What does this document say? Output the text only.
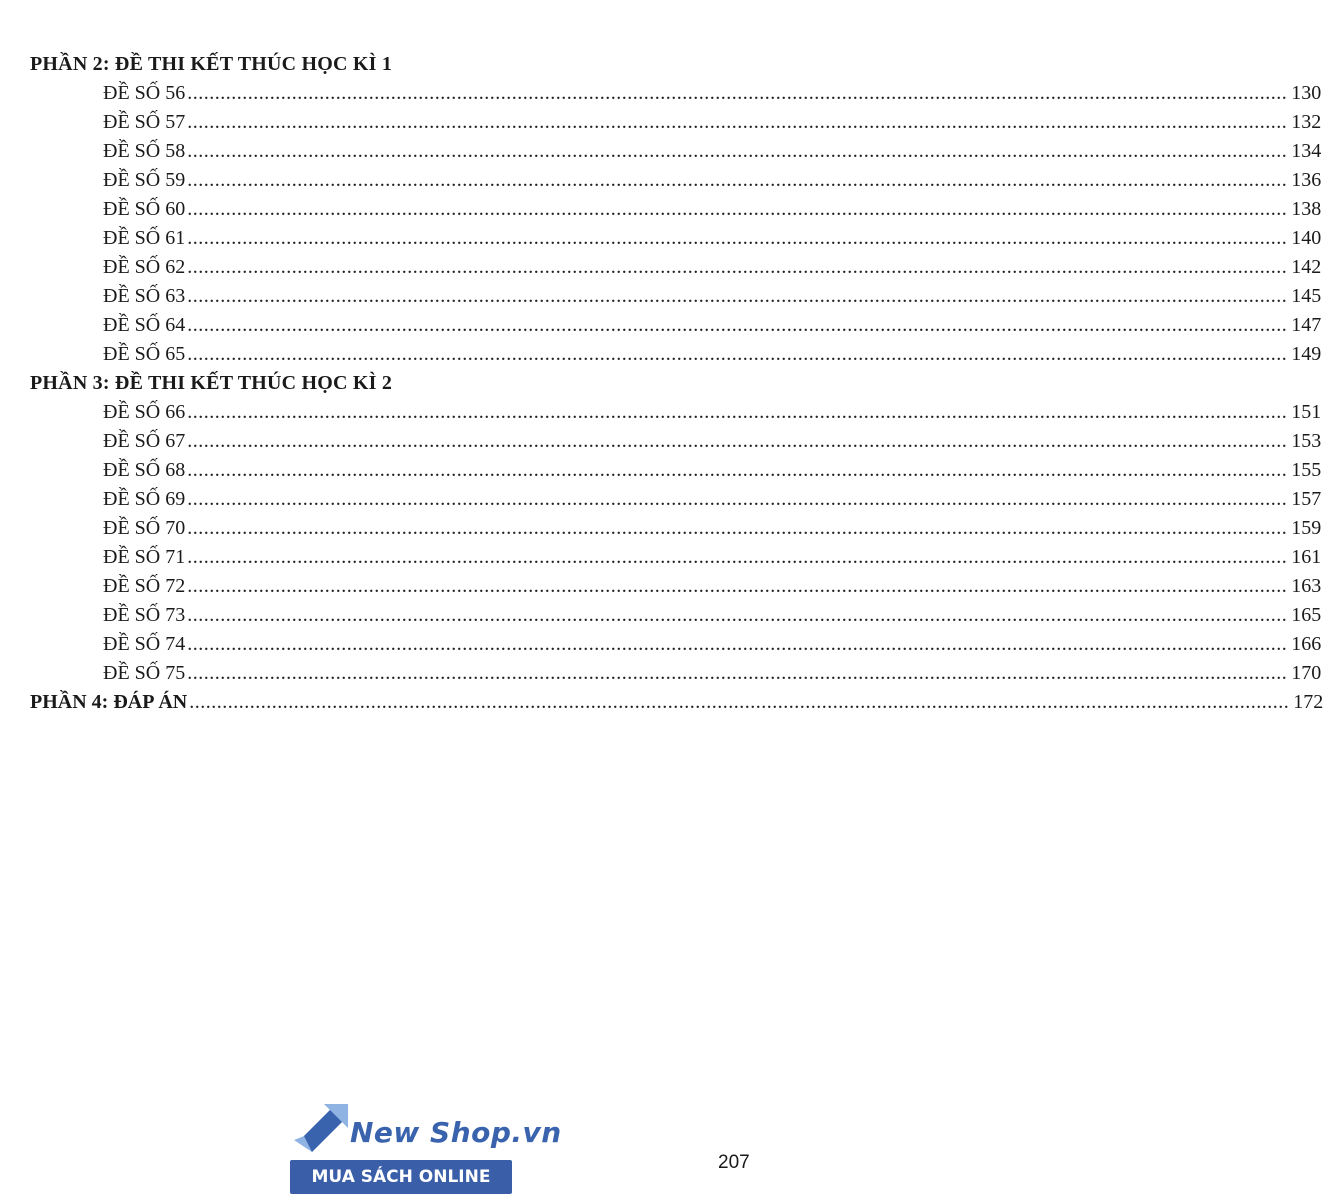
PHẦN 2: ĐỀ THI KẾT THÚC HỌC KÌ 1
ĐỀ SỐ 56 ........................................................................................................................................................................................................ 130
ĐỀ SỐ 57 ........................................................................................................................................................................................................ 132
ĐỀ SỐ 58 ........................................................................................................................................................................................................ 134
ĐỀ SỐ 59 ........................................................................................................................................................................................................ 136
ĐỀ SỐ 60 ........................................................................................................................................................................................................ 138
ĐỀ SỐ 61 ........................................................................................................................................................................................................ 140
ĐỀ SỐ 62 ........................................................................................................................................................................................................ 142
ĐỀ SỐ 63 ........................................................................................................................................................................................................ 145
ĐỀ SỐ 64 ........................................................................................................................................................................................................ 147
ĐỀ SỐ 65 ........................................................................................................................................................................................................ 149
PHẦN 3: ĐỀ THI KẾT THÚC HỌC KÌ 2
ĐỀ SỐ 66 ........................................................................................................................................................................................................ 151
ĐỀ SỐ 67 ........................................................................................................................................................................................................ 153
ĐỀ SỐ 68 ........................................................................................................................................................................................................ 155
ĐỀ SỐ 69 ........................................................................................................................................................................................................ 157
ĐỀ SỐ 70 ........................................................................................................................................................................................................ 159
ĐỀ SỐ 71 ........................................................................................................................................................................................................ 161
ĐỀ SỐ 72 ........................................................................................................................................................................................................ 163
ĐỀ SỐ 73 ........................................................................................................................................................................................................ 165
ĐỀ SỐ 74 ........................................................................................................................................................................................................ 166
ĐỀ SỐ 75 ........................................................................................................................................................................................................ 170
PHẦN 4: ĐÁP ÁN ........................................................................................................................................................................................................ 172
New Shop.vn
MUA SÁCH ONLINE
207
